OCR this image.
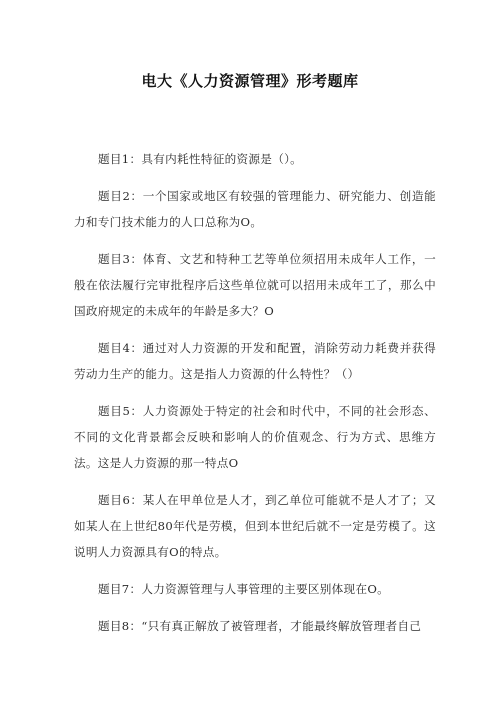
电大《人力资源管理》形考题库

题目1：具有内耗性特征的资源是（）。

题目2：一个国家或地区有较强的管理能力、研究能力、创造能力和专门技术能力的人口总称为O。

题目3：体育、文艺和特种工艺等单位须招用未成年人工作，一般在依法履行完审批程序后这些单位就可以招用未成年工了，那么中国政府规定的未成年的年龄是多大？O

题目4：通过对人力资源的开发和配置，消除劳动力耗费并获得劳动力生产的能力。这是指人力资源的什么特性？（）

题目5：人力资源处于特定的社会和时代中，不同的社会形态、不同的文化背景都会反映和影响人的价值观念、行为方式、思维方法。这是人力资源的那一特点O

题目6：某人在甲单位是人才，到乙单位可能就不是人才了；又如某人在上世纪80年代是劳模，但到本世纪后就不一定是劳模了。这说明人力资源具有O的特点。

题目7：人力资源管理与人事管理的主要区别体现在O。

题目8：“只有真正解放了被管理者，才能最终解放管理者自己
